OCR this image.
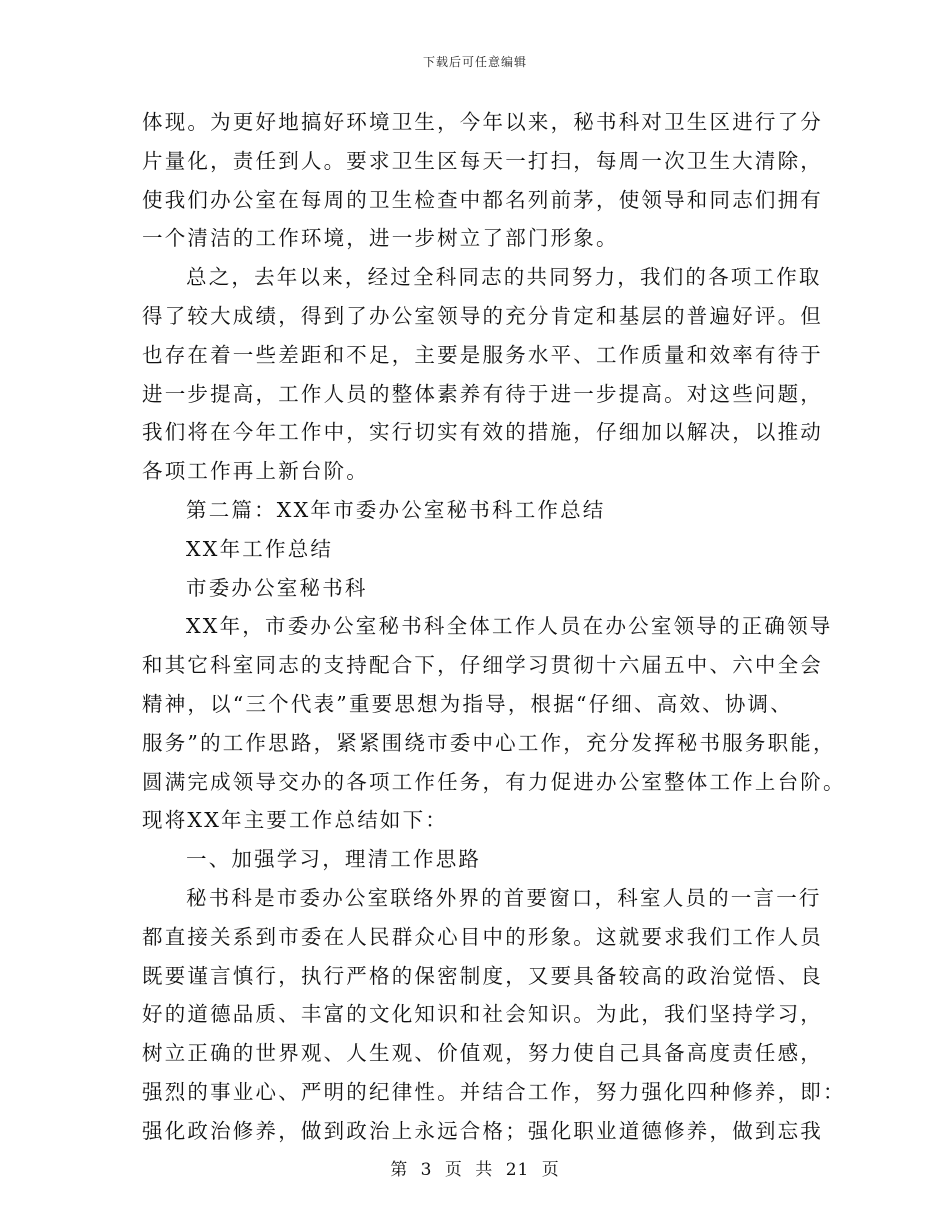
下载后可任意编辑
体现。为更好地搞好环境卫生，今年以来，秘书科对卫生区进行了分
片量化，责任到人。要求卫生区每天一打扫，每周一次卫生大清除，
使我们办公室在每周的卫生检查中都名列前茅，使领导和同志们拥有
一个清洁的工作环境，进一步树立了部门形象。
总之，去年以来，经过全科同志的共同努力，我们的各项工作取
得了较大成绩，得到了办公室领导的充分肯定和基层的普遍好评。但
也存在着一些差距和不足，主要是服务水平、工作质量和效率有待于
进一步提高，工作人员的整体素养有待于进一步提高。对这些问题，
我们将在今年工作中，实行切实有效的措施，仔细加以解决，以推动
各项工作再上新台阶。
第二篇：XX年市委办公室秘书科工作总结
XX年工作总结
市委办公室秘书科
XX年，市委办公室秘书科全体工作人员在办公室领导的正确领导
和其它科室同志的支持配合下，仔细学习贯彻十六届五中、六中全会
精神，以“三个代表”重要思想为指导，根据“仔细、高效、协调、
服务”的工作思路，紧紧围绕市委中心工作，充分发挥秘书服务职能，
圆满完成领导交办的各项工作任务，有力促进办公室整体工作上台阶。
现将XX年主要工作总结如下：
一、加强学习，理清工作思路
秘书科是市委办公室联络外界的首要窗口，科室人员的一言一行
都直接关系到市委在人民群众心目中的形象。这就要求我们工作人员
既要谨言慎行，执行严格的保密制度，又要具备较高的政治觉悟、良
好的道德品质、丰富的文化知识和社会知识。为此，我们坚持学习，
树立正确的世界观、人生观、价值观，努力使自己具备高度责任感，
强烈的事业心、严明的纪律性。并结合工作，努力强化四种修养，即：
强化政治修养，做到政治上永远合格；强化职业道德修养，做到忘我
第 3 页 共 21 页
